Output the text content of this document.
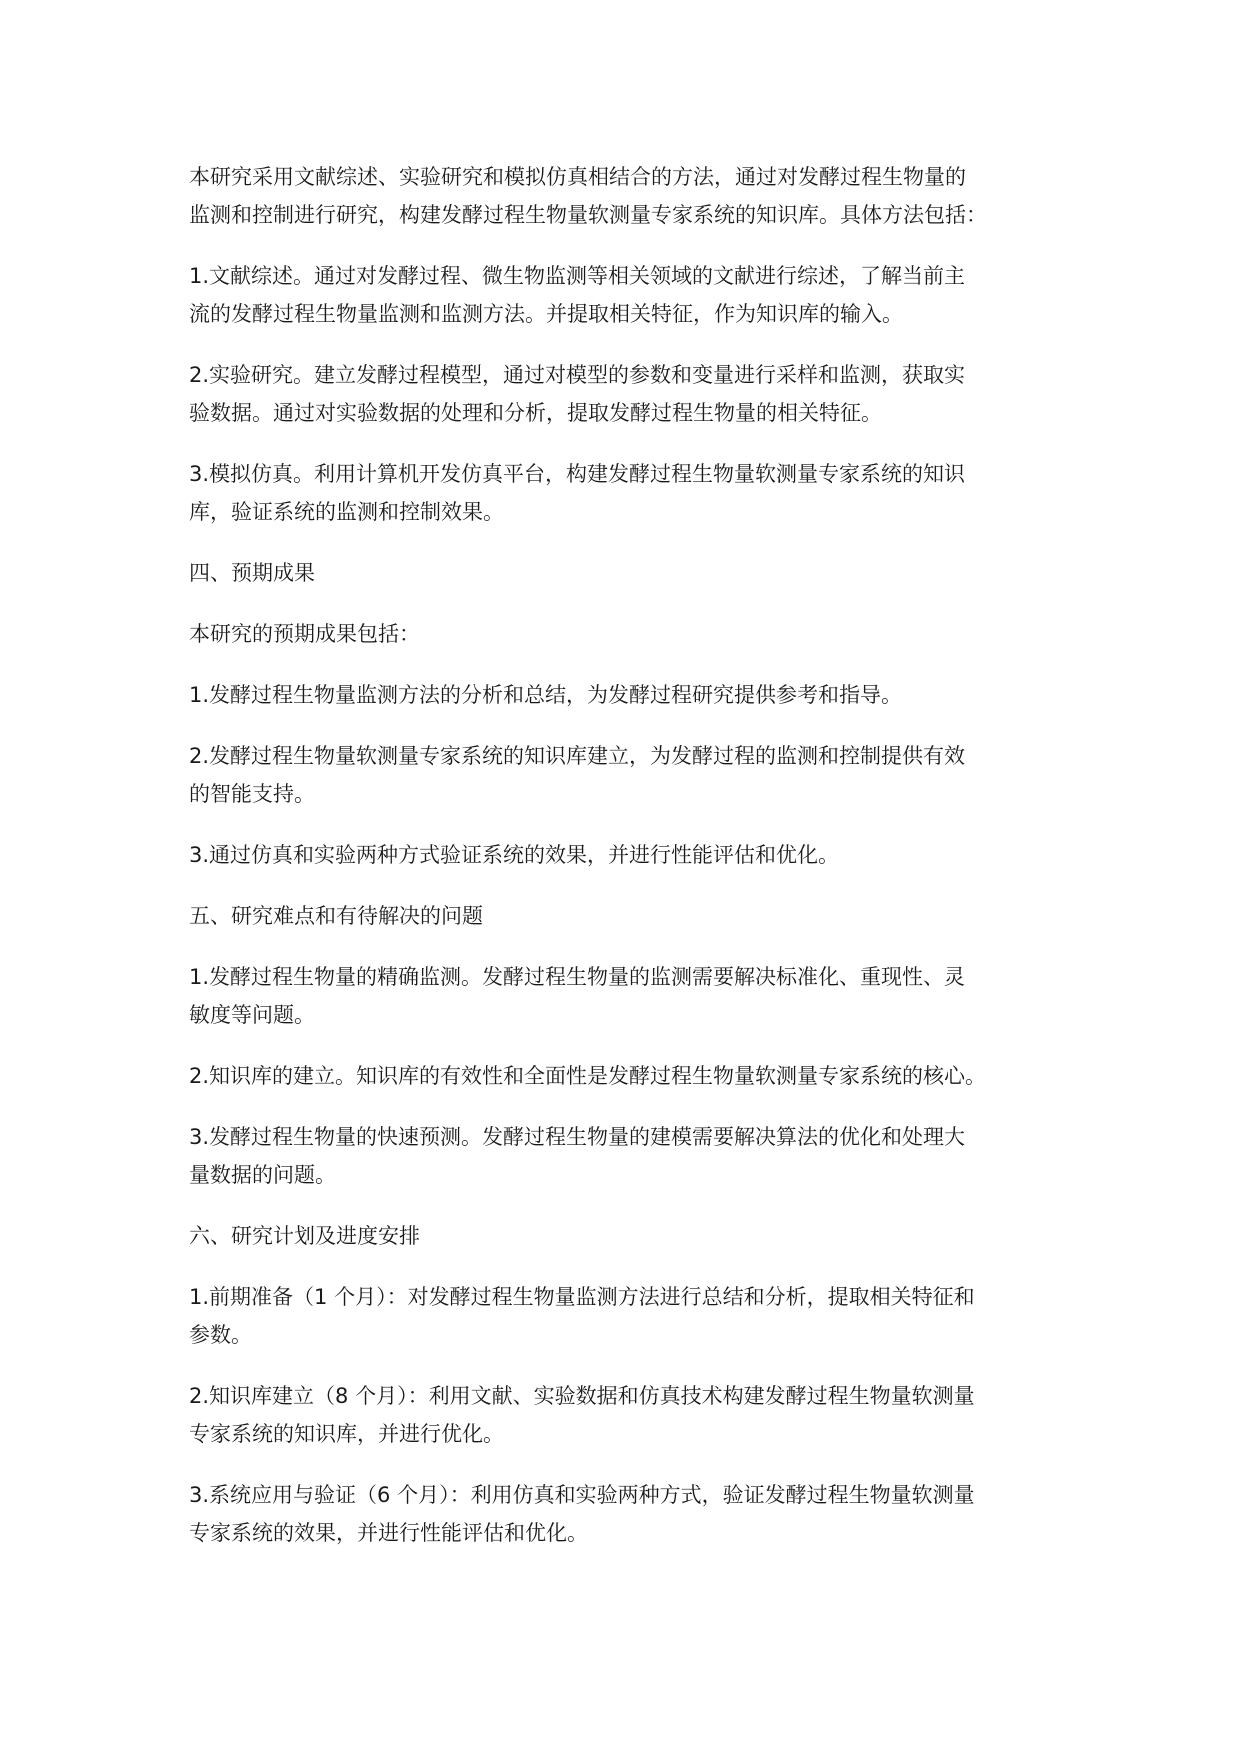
本研究采用文献综述、实验研究和模拟仿真相结合的方法，通过对发酵过程生物量的
监测和控制进行研究，构建发酵过程生物量软测量专家系统的知识库。具体方法包括：

1.文献综述。通过对发酵过程、微生物监测等相关领域的文献进行综述，了解当前主
流的发酵过程生物量监测和监测方法。并提取相关特征，作为知识库的输入。

2.实验研究。建立发酵过程模型，通过对模型的参数和变量进行采样和监测，获取实
验数据。通过对实验数据的处理和分析，提取发酵过程生物量的相关特征。

3.模拟仿真。利用计算机开发仿真平台，构建发酵过程生物量软测量专家系统的知识
库，验证系统的监测和控制效果。

四、预期成果

本研究的预期成果包括：

1.发酵过程生物量监测方法的分析和总结，为发酵过程研究提供参考和指导。

2.发酵过程生物量软测量专家系统的知识库建立，为发酵过程的监测和控制提供有效
的智能支持。

3.通过仿真和实验两种方式验证系统的效果，并进行性能评估和优化。

五、研究难点和有待解决的问题

1.发酵过程生物量的精确监测。发酵过程生物量的监测需要解决标准化、重现性、灵
敏度等问题。

2.知识库的建立。知识库的有效性和全面性是发酵过程生物量软测量专家系统的核心。

3.发酵过程生物量的快速预测。发酵过程生物量的建模需要解决算法的优化和处理大
量数据的问题。

六、研究计划及进度安排

1.前期准备（1 个月）：对发酵过程生物量监测方法进行总结和分析，提取相关特征和
参数。

2.知识库建立（8 个月）：利用文献、实验数据和仿真技术构建发酵过程生物量软测量
专家系统的知识库，并进行优化。

3.系统应用与验证（6 个月）：利用仿真和实验两种方式，验证发酵过程生物量软测量
专家系统的效果，并进行性能评估和优化。
